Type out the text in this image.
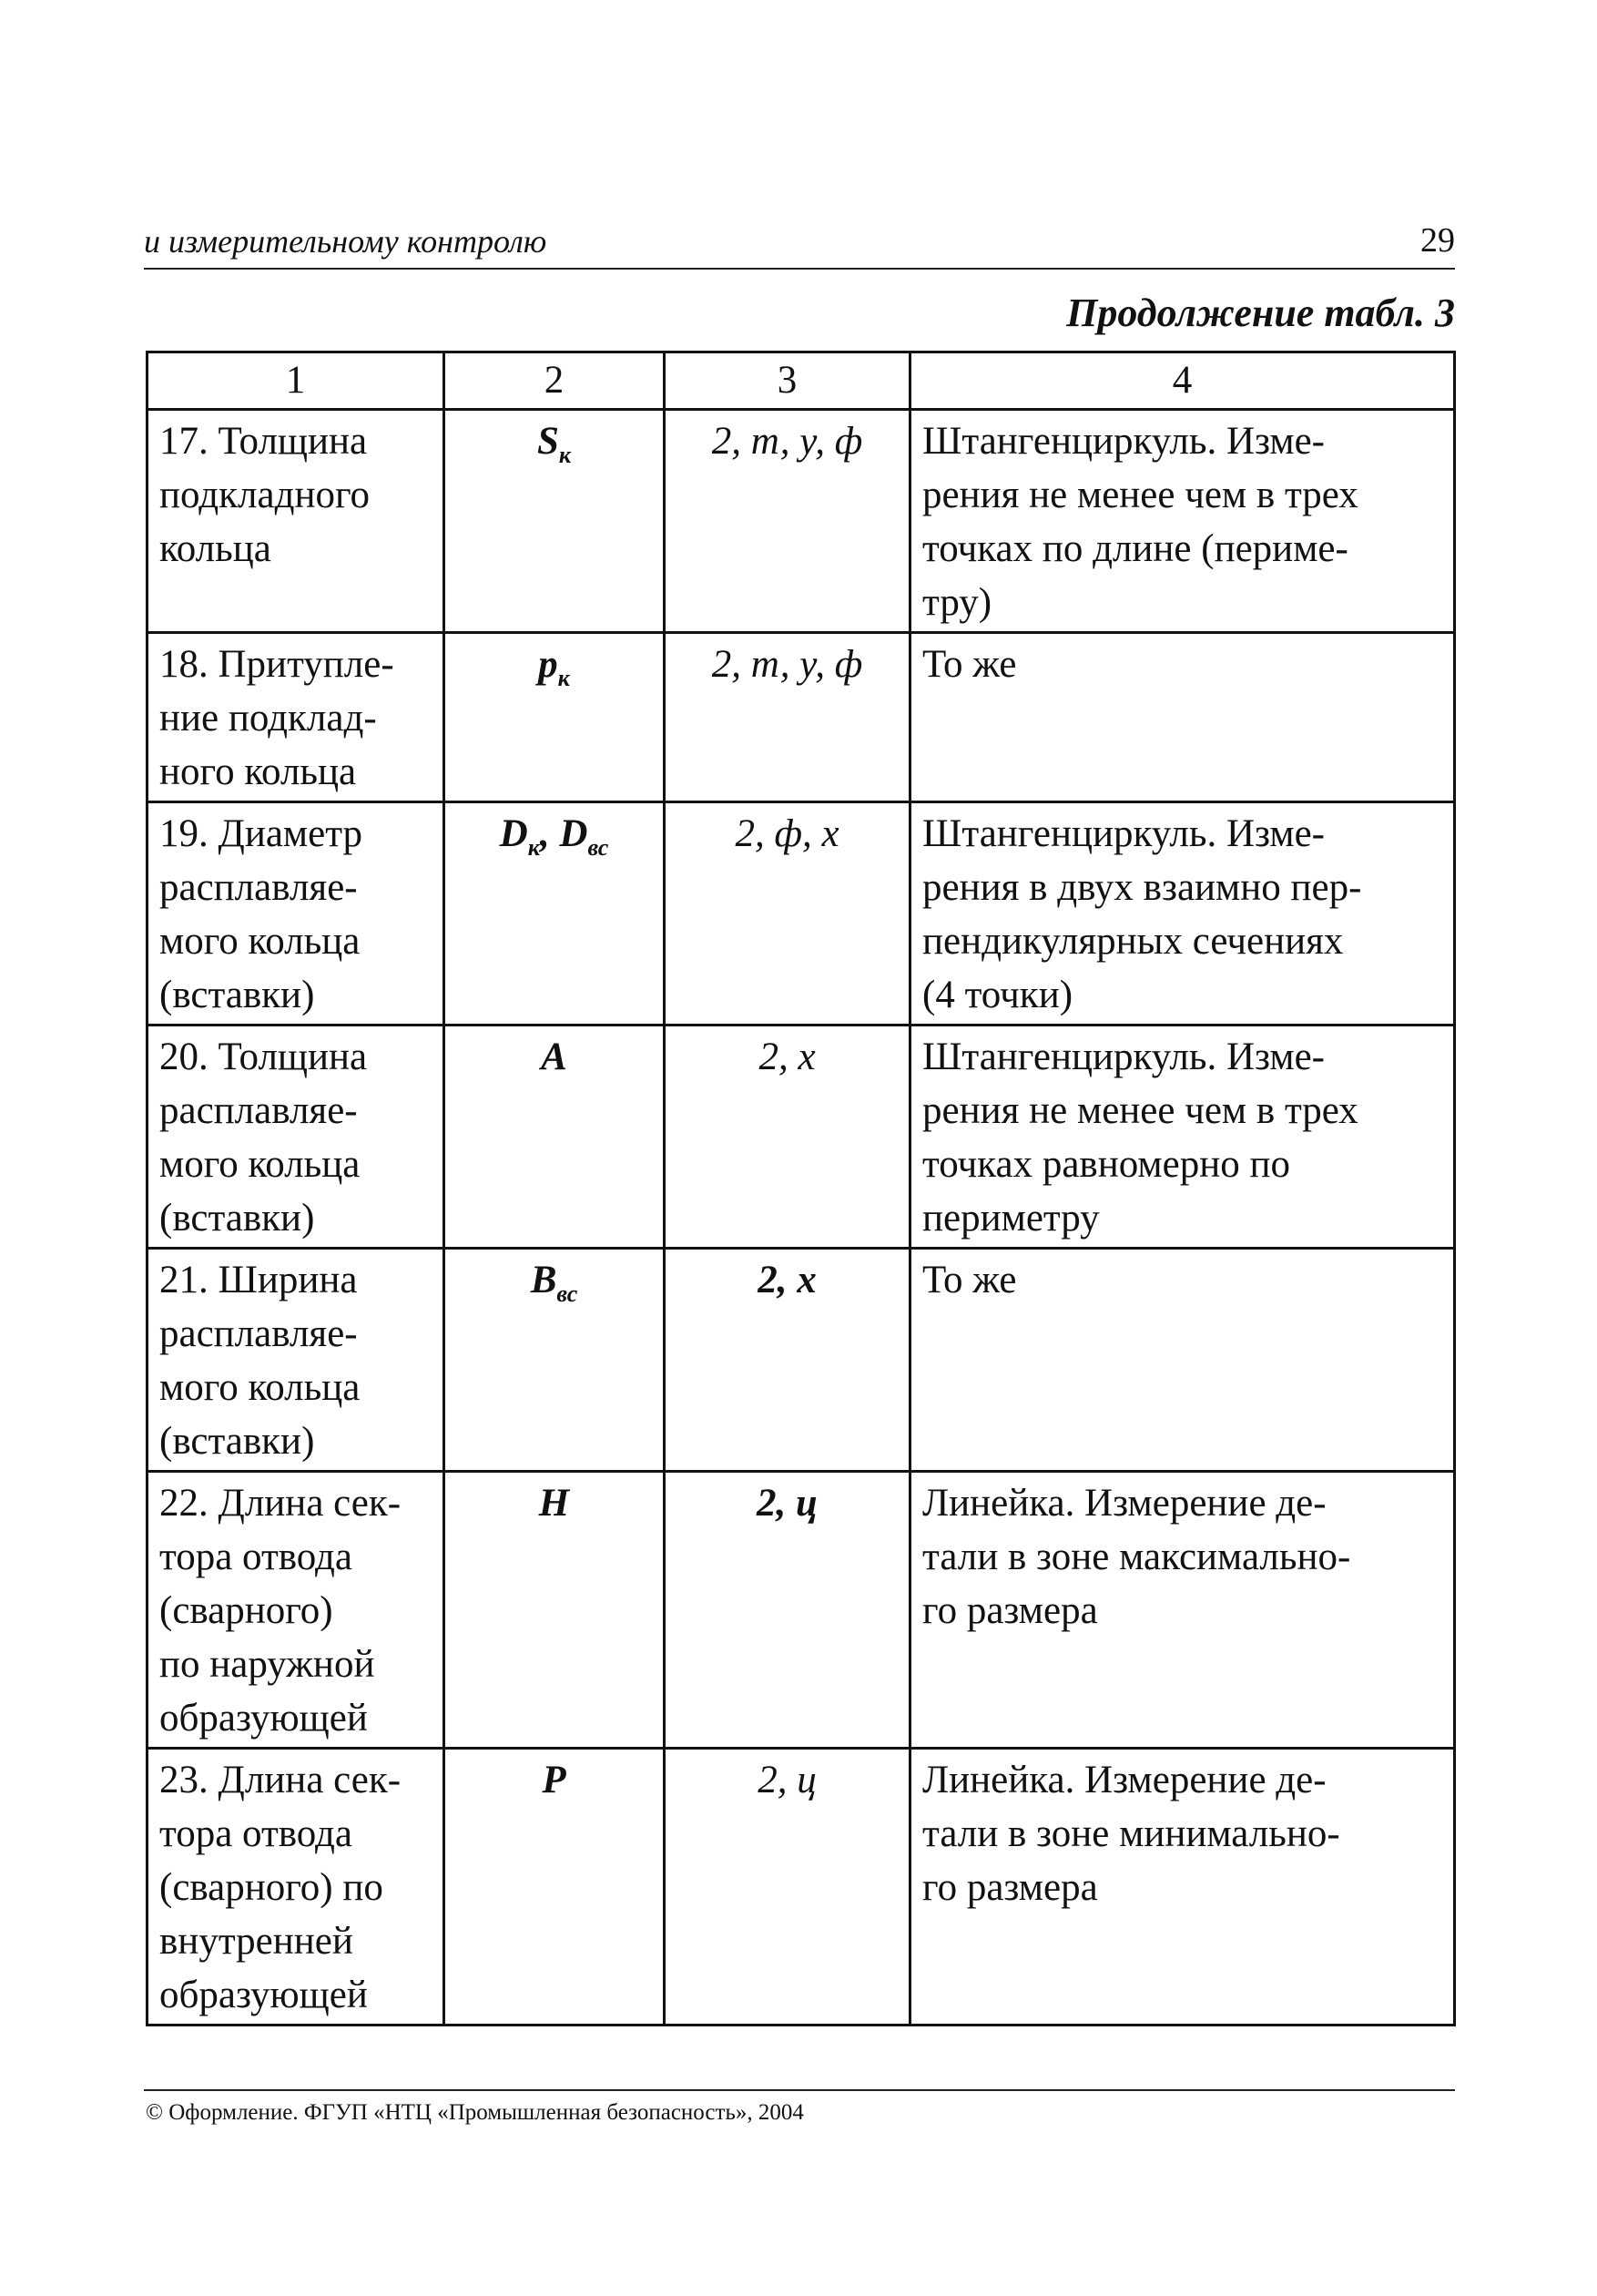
и измерительному контролю	29
Продолжение табл. 3
1	2	3	4
17. Толщина
подкладного
кольца	$S_к$	2, т, у, ф	Штангенциркуль. Изме-
рения не менее чем в трех
точках по длине (периме-
тру)
18. Притупле-
ние подклад-
ного кольца	$p_к$	2, т, у, ф	То же
19. Диаметр
расплавляе-
мого кольца
(вставки)	$D_к$, $D_{вс}$	2, ф, х	Штангенциркуль. Изме-
рения в двух взаимно пер-
пендикулярных сечениях
(4 точки)
20. Толщина
расплавляе-
мого кольца
(вставки)	A	2, х	Штангенциркуль. Изме-
рения не менее чем в трех
точках равномерно по
периметру
21. Ширина
расплавляе-
мого кольца
(вставки)	$B_{вс}$	2, х	То же
22. Длина сек-
тора отвода
(сварного)
по наружной
образующей	H	2, ц	Линейка. Измерение де-
тали в зоне максимально-
го размера
23. Длина сек-
тора отвода
(сварного) по
внутренней
образующей	P	2, ц	Линейка. Измерение де-
тали в зоне минимально-
го размера
© Оформление. ФГУП «НТЦ «Промышленная безопасность», 2004
